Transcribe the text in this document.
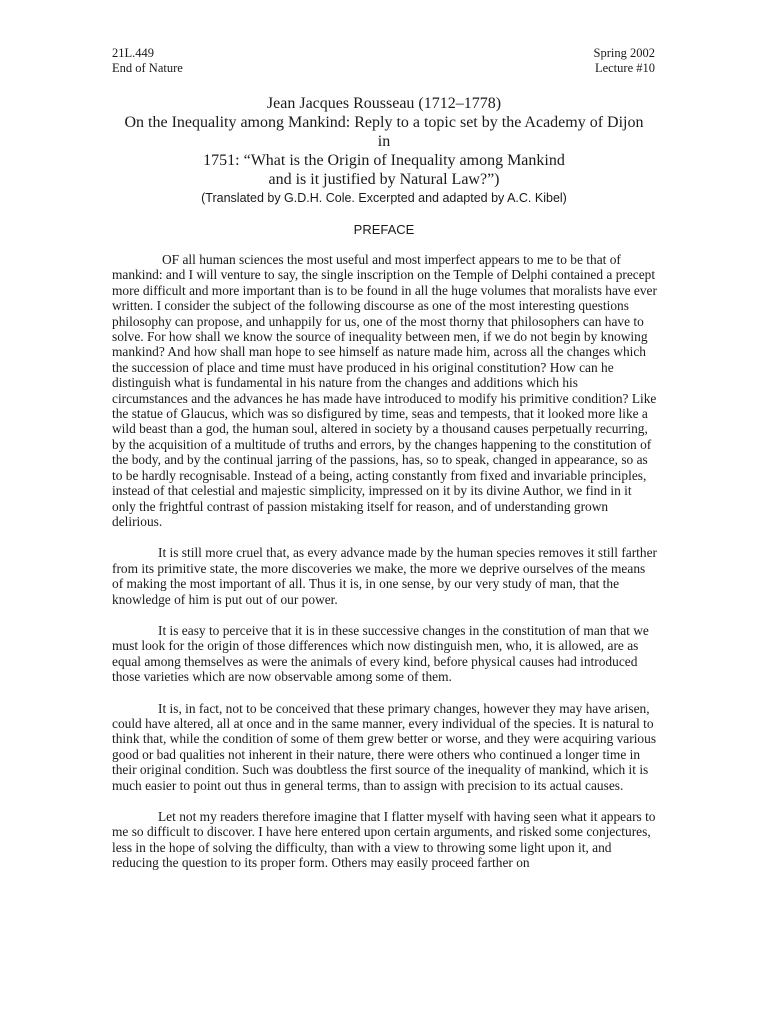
21L.449
End of Nature
Spring 2002
Lecture #10
Jean Jacques Rousseau (1712–1778)
On the Inequality among Mankind: Reply to a topic set by the Academy of Dijon
in
1751: “What is the Origin of Inequality among Mankind
and is it justified by Natural Law?”)
(Translated by G.D.H. Cole. Excerpted and adapted by A.C. Kibel)
PREFACE

OF all human sciences the most useful and most imperfect appears to me to be that of mankind: and I will venture to say, the single inscription on the Temple of Delphi contained a precept more difficult and more important than is to be found in all the huge volumes that moralists have ever written. I consider the subject of the following discourse as one of the most interesting questions philosophy can propose, and unhappily for us, one of the most thorny that philosophers can have to solve. For how shall we know the source of inequality between men, if we do not begin by knowing mankind? And how shall man hope to see himself as nature made him, across all the changes which the succession of place and time must have produced in his original constitution? How can he distinguish what is fundamental in his nature from the changes and additions which his circumstances and the advances he has made have introduced to modify his primitive condition? Like the statue of Glaucus, which was so disfigured by time, seas and tempests, that it looked more like a wild beast than a god, the human soul, altered in society by a thousand causes perpetually recurring, by the acquisition of a multitude of truths and errors, by the changes happening to the constitution of the body, and by the continual jarring of the passions, has, so to speak, changed in appearance, so as to be hardly recognisable. Instead of a being, acting constantly from fixed and invariable principles, instead of that celestial and majestic simplicity, impressed on it by its divine Author, we find in it only the frightful contrast of passion mistaking itself for reason, and of understanding grown delirious.

It is still more cruel that, as every advance made by the human species removes it still farther from its primitive state, the more discoveries we make, the more we deprive ourselves of the means of making the most important of all. Thus it is, in one sense, by our very study of man, that the knowledge of him is put out of our power.

It is easy to perceive that it is in these successive changes in the constitution of man that we must look for the origin of those differences which now distinguish men, who, it is allowed, are as equal among themselves as were the animals of every kind, before physical causes had introduced those varieties which are now observable among some of them.

It is, in fact, not to be conceived that these primary changes, however they may have arisen, could have altered, all at once and in the same manner, every individual of the species. It is natural to think that, while the condition of some of them grew better or worse, and they were acquiring various good or bad qualities not inherent in their nature, there were others who continued a longer time in their original condition. Such was doubtless the first source of the inequality of mankind, which it is much easier to point out thus in general terms, than to assign with precision to its actual causes.

Let not my readers therefore imagine that I flatter myself with having seen what it appears to me so difficult to discover. I have here entered upon certain arguments, and risked some conjectures, less in the hope of solving the difficulty, than with a view to throwing some light upon it, and reducing the question to its proper form. Others may easily proceed farther on
